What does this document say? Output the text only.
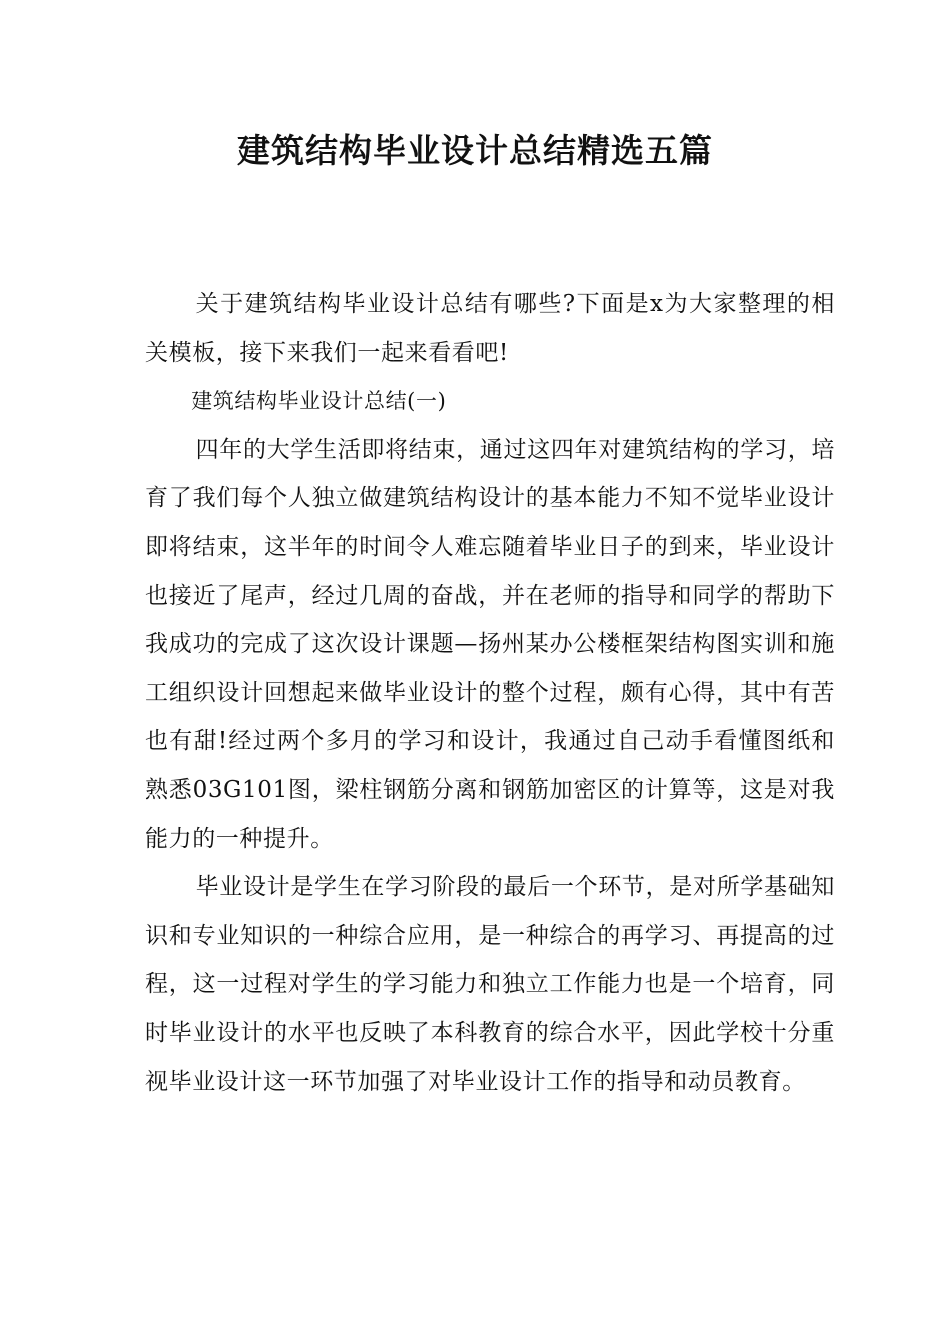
建筑结构毕业设计总结精选五篇

关于建筑结构毕业设计总结有哪些?下面是x为大家整理的相关模板，接下来我们一起来看看吧!

建筑结构毕业设计总结(一)

四年的大学生活即将结束，通过这四年对建筑结构的学习，培育了我们每个人独立做建筑结构设计的基本能力不知不觉毕业设计即将结束，这半年的时间令人难忘随着毕业日子的到来，毕业设计也接近了尾声，经过几周的奋战，并在老师的指导和同学的帮助下我成功的完成了这次设计课题—扬州某办公楼框架结构图实训和施工组织设计回想起来做毕业设计的整个过程，颇有心得，其中有苦也有甜!经过两个多月的学习和设计，我通过自己动手看懂图纸和熟悉03G101图，梁柱钢筋分离和钢筋加密区的计算等，这是对我能力的一种提升。

毕业设计是学生在学习阶段的最后一个环节，是对所学基础知识和专业知识的一种综合应用，是一种综合的再学习、再提高的过程，这一过程对学生的学习能力和独立工作能力也是一个培育，同时毕业设计的水平也反映了本科教育的综合水平，因此学校十分重视毕业设计这一环节加强了对毕业设计工作的指导和动员教育。
